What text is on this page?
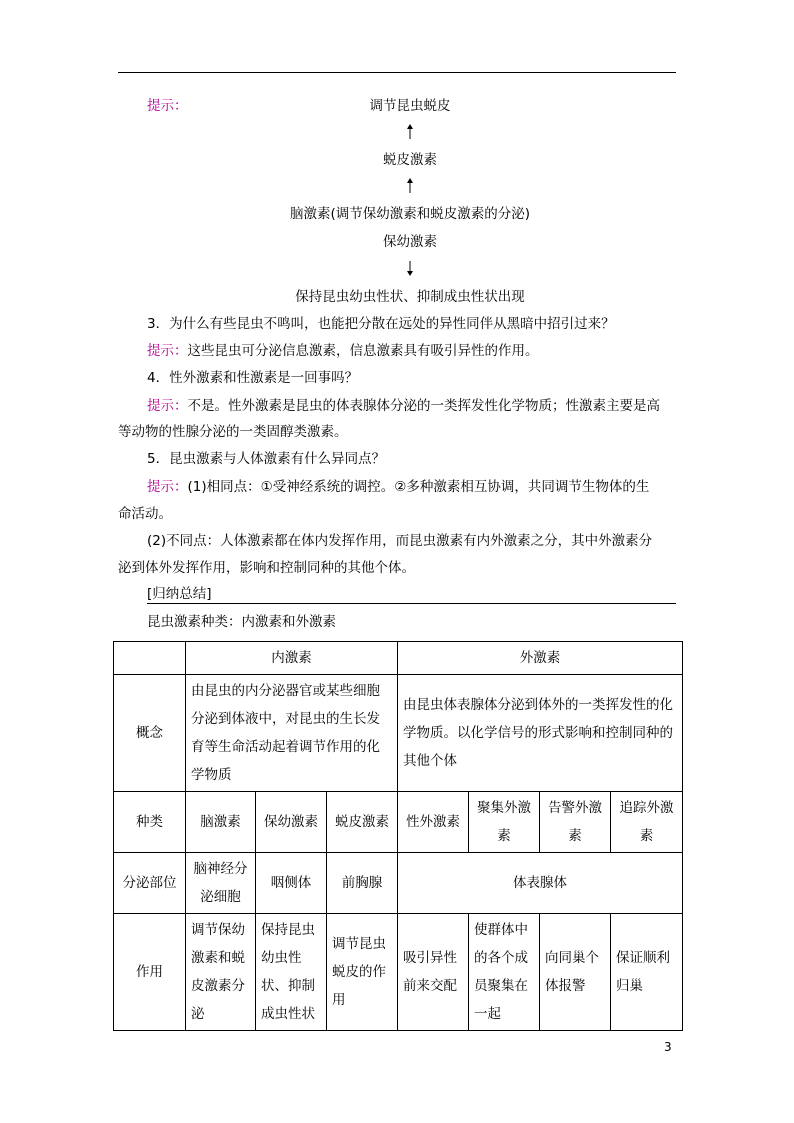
提示：	调节昆虫蜕皮
蜕皮激素
脑激素(调节保幼激素和蜕皮激素的分泌)
保幼激素
保持昆虫幼虫性状、抑制成虫性状出现
3．为什么有些昆虫不鸣叫，也能把分散在远处的异性同伴从黑暗中招引过来？
提示：这些昆虫可分泌信息激素，信息激素具有吸引异性的作用。
4．性外激素和性激素是一回事吗？
提示：不是。性外激素是昆虫的体表腺体分泌的一类挥发性化学物质；性激素主要是高
等动物的性腺分泌的一类固醇类激素。
5．昆虫激素与人体激素有什么异同点？
提示：(1)相同点：①受神经系统的调控。②多种激素相互协调，共同调节生物体的生
命活动。
(2)不同点：人体激素都在体内发挥作用，而昆虫激素有内外激素之分，其中外激素分
泌到体外发挥作用，影响和控制同种的其他个体。
[归纳总结]
昆虫激素种类：内激素和外激素
	内激素			外激素			
概念	由昆虫的内分泌器官或某些细胞分泌到体液中，对昆虫的生长发育等生命活动起着调节作用的化学物质			由昆虫体表腺体分泌到体外的一类挥发性的化学物质。以化学信号的形式影响和控制同种的其他个体			
种类	脑激素	保幼激素	蜕皮激素	性外激素	聚集外激素	告警外激素	追踪外激素
分泌部位	脑神经分泌细胞	咽侧体	前胸腺	体表腺体			
作用	调节保幼激素和蜕皮激素分泌	保持昆虫幼虫性状、抑制成虫性状	调节昆虫蜕皮的作用	吸引异性前来交配	使群体中的各个成员聚集在一起	向同巢个体报警	保证顺利归巢
3
